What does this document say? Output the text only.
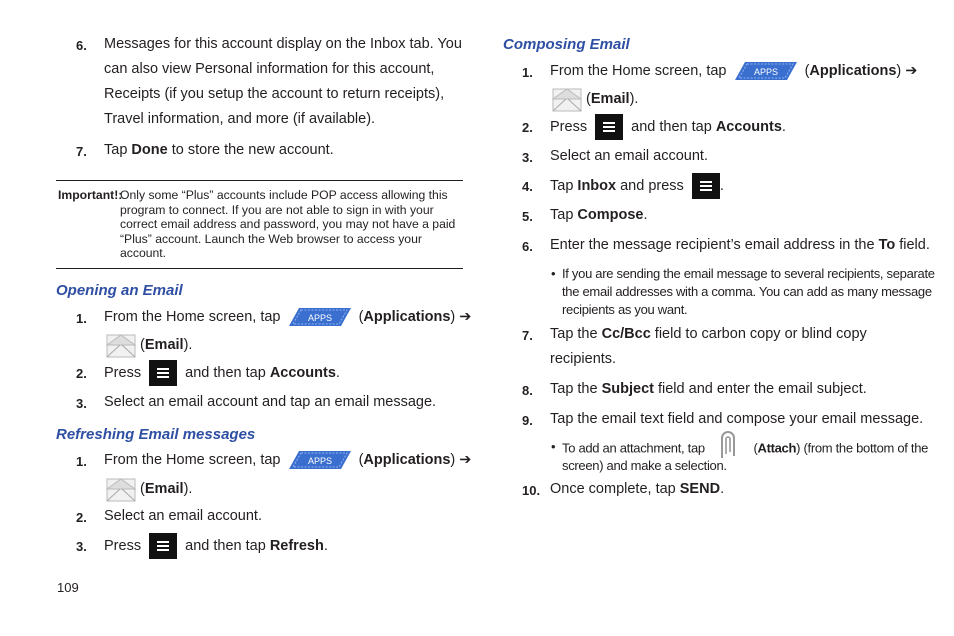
6. Messages for this account display on the Inbox tab. You
can also view Personal information for this account,
Receipts (if you setup the account to return receipts),
Travel information, and more (if available).
7. Tap Done to store the new account.
Important!:
Only some “Plus” accounts include POP access allowing this
program to connect. If you are not able to sign in with your
correct email address and password, you may not have a paid
“Plus” account. Launch the Web browser to access your
account.
Opening an Email
1. From the Home screen, tap	APPS (Applications) ➔
(Email).
2. Press	and then tap Accounts.
3. Select an email account and tap an email message.
Refreshing Email messages
1. From the Home screen, tap	APPS (Applications) ➔
(Email).
2. Select an email account.
3. Press	and then tap Refresh.
109
Composing Email
1. From the Home screen, tap	APPS (Applications) ➔
(Email).
2. Press	and then tap Accounts.
3. Select an email account.
4. Tap Inbox and press .
5. Tap Compose.
6. Enter the message recipient’s email address in the To field.
• If you are sending the email message to several recipients, separate
the email addresses with a comma. You can add as many message
recipients as you want.
7. Tap the Cc/Bcc field to carbon copy or blind copy
recipients.
8. Tap the Subject field and enter the email subject.
9. Tap the email text field and compose your email message.
• To add an attachment, tap	(Attach) (from the bottom of the
screen) and make a selection.
10. Once complete, tap SEND.
